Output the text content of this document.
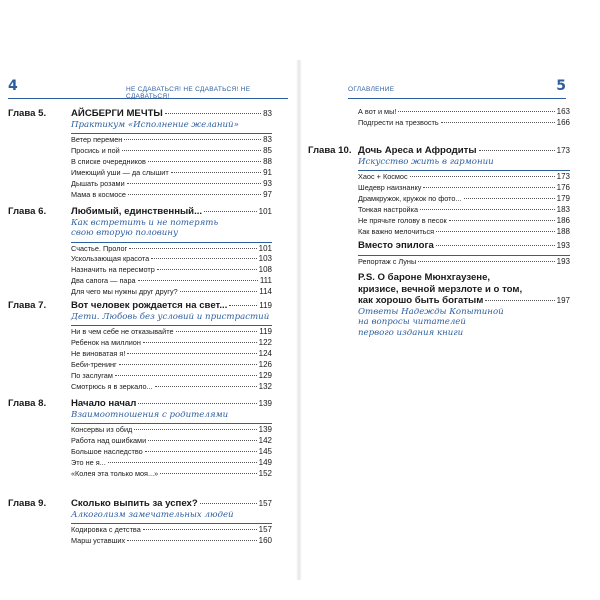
4	НЕ СДАВАТЬСЯ! НЕ СДАВАТЬСЯ! НЕ СДАВАТЬСЯ!
Глава 5.	АЙСБЕРГИ МЕЧТЫ	83
Практикум «Исполнение желаний»
Ветер перемен	83
Просись и пой	85
В списке очередников	88
Имеющий уши — да слышит	91
Дышать розами	93
Мама в космосе	97
Глава 6.	Любимый, единственный...	101
Как встретить и не потерять
свою вторую половину
Счастье. Пролог	101
Ускользающая красота	103
Назначить на пересмотр	108
Два сапога — пара	111
Для чего мы нужны друг другу?	114
Глава 7.	Вот человек рождается на свет...	119
Дети. Любовь без условий и пристрастий
Ни в чем себе не отказывайте	119
Ребенок на миллион	122
Не виноватая я!	124
Беби-тренинг	126
По заслугам	129
Смотрюсь я в зеркало...	132
Глава 8.	Начало начал	139
Взаимоотношения с родителями
Консервы из обид	139
Работа над ошибками	142
Большое наследство	145
Это не я...	149
«Колея эта только моя...»	152
Глава 9.	Сколько выпить за успех?	157
Алкоголизм замечательных людей
Кодировка с детства	157
Марш уставших	160
ОГЛАВЛЕНИЕ	5
А вот и мы!	163
Подгрести на трезвость	166
Глава 10. Дочь Ареса и Афродиты	173
Искусство жить в гармонии
Хаос + Космос	173
Шедевр наизнанку	176
Драмкружок, кружок по фото...	179
Тонкая настройка	183
Не прячьте голову в песок	186
Как важно мелочиться	188
Вместо эпилога	193
Репортаж с Луны	193
P.S. О бароне Мюнхгаузене,
кризисе, вечной мерзлоте и о том,
как хорошо быть богатым	197
Ответы Надежды Копытиной
на вопросы читателей
первого издания книги
